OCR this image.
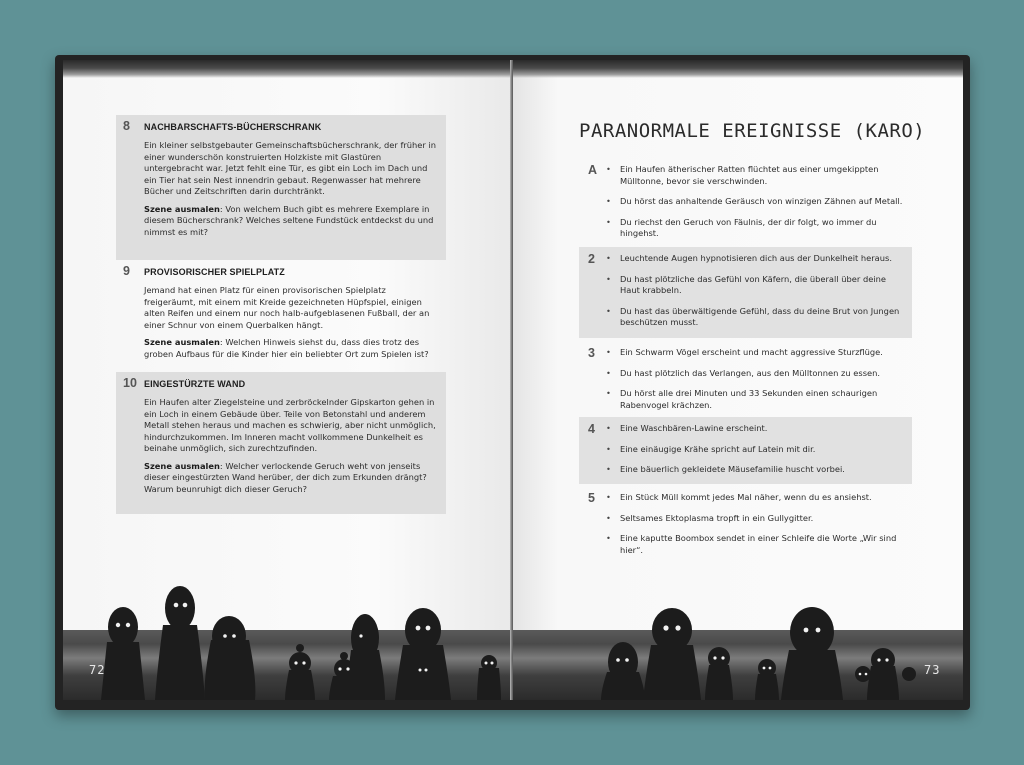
8 NACHBARSCHAFTS-BÜCHERSCHRANK

Ein kleiner selbstgebauter Gemeinschaftsbücherschrank, der früher in einer wunderschön konstruierten Holzkiste mit Glastüren untergebracht war. Jetzt fehlt eine Tür, es gibt ein Loch im Dach und ein Tier hat sein Nest innendrin gebaut. Regenwasser hat mehrere Bücher und Zeitschriften darin durchtränkt.

Szene ausmalen: Von welchem Buch gibt es mehrere Exemplare in diesem Bücherschrank? Welches seltene Fundstück entdeckst du und nimmst es mit?

9 PROVISORISCHER SPIELPLATZ

Jemand hat einen Platz für einen provisorischen Spielplatz freigeräumt, mit einem mit Kreide gezeichneten Hüpfspiel, einigen alten Reifen und einem nur noch halb-aufgeblasenen Fußball, der an einer Schnur von einem Querbalken hängt.

Szene ausmalen: Welchen Hinweis siehst du, dass dies trotz des groben Aufbaus für die Kinder hier ein beliebter Ort zum Spielen ist?

10 EINGESTÜRZTE WAND

Ein Haufen alter Ziegelsteine und zerbröckelnder Gipskarton gehen in ein Loch in einem Gebäude über. Teile von Betonstahl und anderem Metall stehen heraus und machen es schwierig, aber nicht unmöglich, hindurchzukommen. Im Inneren macht vollkommene Dunkelheit es beinahe unmöglich, sich zurechtzufinden.

Szene ausmalen: Welcher verlockende Geruch weht von jenseits dieser eingestürzten Wand herüber, der dich zum Erkunden drängt? Warum beunruhigt dich dieser Geruch?

72
PARANORMALE EREIGNISSE (KARO)
A	• Ein Haufen ätherischer Ratten flüchtet aus einer umgekippten Mülltonne, bevor sie verschwinden.
• Du hörst das anhaltende Geräusch von winzigen Zähnen auf Metall.
• Du riechst den Geruch von Fäulnis, der dir folgt, wo immer du hingehst.
2	• Leuchtende Augen hypnotisieren dich aus der Dunkelheit heraus.
• Du hast plötzliche das Gefühl von Käfern, die überall über deine Haut krabbeln.
• Du hast das überwältigende Gefühl, dass du deine Brut von Jungen beschützen musst.
3	• Ein Schwarm Vögel erscheint und macht aggressive Sturzflüge.
• Du hast plötzlich das Verlangen, aus den Mülltonnen zu essen.
• Du hörst alle drei Minuten und 33 Sekunden einen schaurigen Rabenvogel krächzen.
4	• Eine Waschbären-Lawine erscheint.
• Eine einäugige Krähe spricht auf Latein mit dir.
• Eine bäuerlich gekleidete Mäusefamilie huscht vorbei.
5	• Ein Stück Müll kommt jedes Mal näher, wenn du es ansiehst.
• Seltsames Ektoplasma tropft in ein Gullygitter.
• Eine kaputte Boombox sendet in einer Schleife die Worte „Wir sind hier“.
73
